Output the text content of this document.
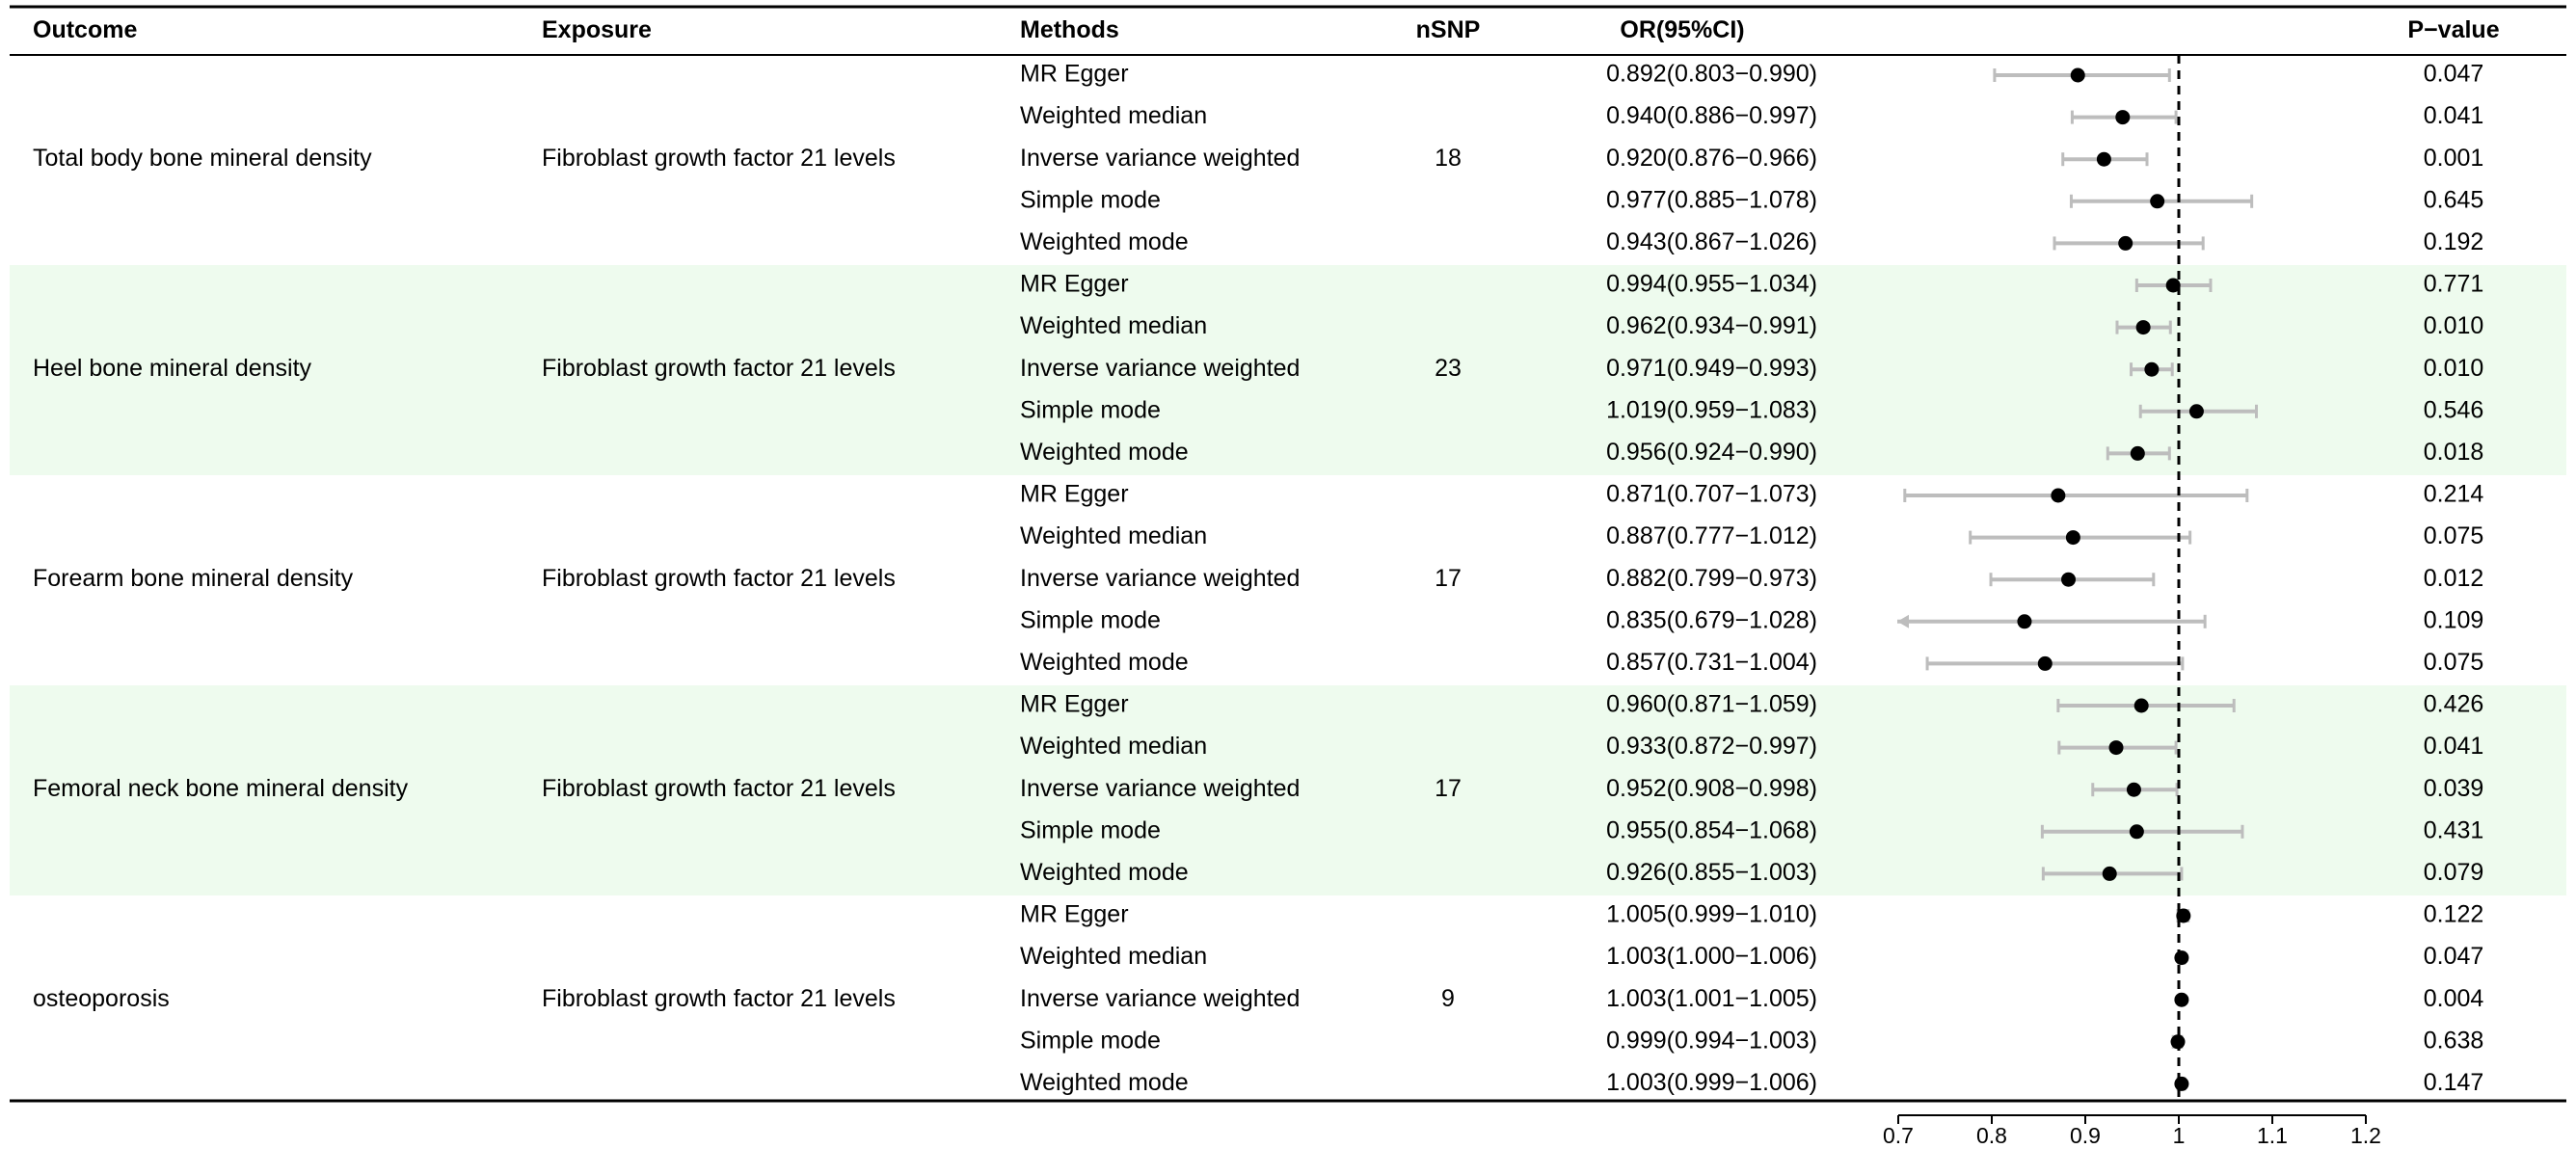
Outcome	Exposure	Methods	nSNP	OR(95%CI)	P−value
Total body bone mineral density	Fibroblast growth factor 21 levels	18
MR Egger	0.892(0.803−0.990)	0.047
Weighted median	0.940(0.886−0.997)	0.041
Inverse variance weighted	0.920(0.876−0.966)	0.001
Simple mode	0.977(0.885−1.078)	0.645
Weighted mode	0.943(0.867−1.026)	0.192
Heel bone mineral density	Fibroblast growth factor 21 levels	23
MR Egger	0.994(0.955−1.034)	0.771
Weighted median	0.962(0.934−0.991)	0.010
Inverse variance weighted	0.971(0.949−0.993)	0.010
Simple mode	1.019(0.959−1.083)	0.546
Weighted mode	0.956(0.924−0.990)	0.018
Forearm bone mineral density	Fibroblast growth factor 21 levels	17
MR Egger	0.871(0.707−1.073)	0.214
Weighted median	0.887(0.777−1.012)	0.075
Inverse variance weighted	0.882(0.799−0.973)	0.012
Simple mode	0.835(0.679−1.028)	0.109
Weighted mode	0.857(0.731−1.004)	0.075
Femoral neck bone mineral density	Fibroblast growth factor 21 levels	17
MR Egger	0.960(0.871−1.059)	0.426
Weighted median	0.933(0.872−0.997)	0.041
Inverse variance weighted	0.952(0.908−0.998)	0.039
Simple mode	0.955(0.854−1.068)	0.431
Weighted mode	0.926(0.855−1.003)	0.079
osteoporosis	Fibroblast growth factor 21 levels	9
MR Egger	1.005(0.999−1.010)	0.122
Weighted median	1.003(1.000−1.006)	0.047
Inverse variance weighted	1.003(1.001−1.005)	0.004
Simple mode	0.999(0.994−1.003)	0.638
Weighted mode	1.003(0.999−1.006)	0.147
0.7	0.8	0.9	1	1.1	1.2
